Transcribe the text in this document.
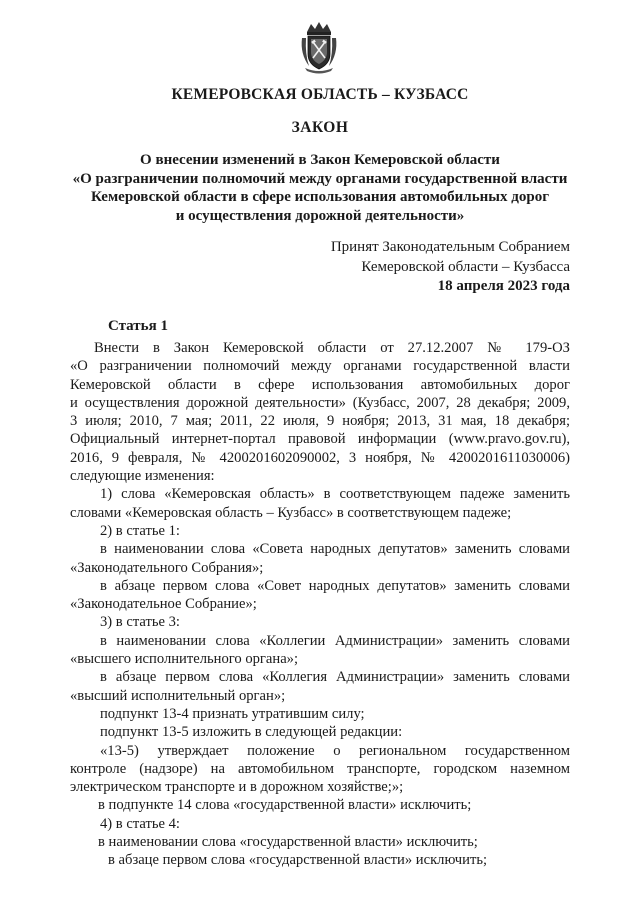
КЕМЕРОВСКАЯ ОБЛАСТЬ – КУЗБАСС
ЗАКОН
О внесении изменений в Закон Кемеровской области
«О разграничении полномочий между органами государственной власти
Кемеровской области в сфере использования автомобильных дорог
и осуществления дорожной деятельности»
Принят Законодательным Собранием
Кемеровской области – Кузбасса
18 апреля 2023 года
Статья 1

Внести в Закон Кемеровской области от 27.12.2007 № 179-ОЗ

«О разграничении полномочий между органами государственной власти

Кемеровской области в сфере использования автомобильных дорог

и осуществления дорожной деятельности» (Кузбасс, 2007, 28 декабря; 2009,

3 июля; 2010, 7 мая; 2011, 22 июля, 9 ноября; 2013, 31 мая, 18 декабря;

Официальный интернет-портал правовой информации (www.pravo.gov.ru),

2016, 9 февраля, № 4200201602090002, 3 ноября, № 4200201611030006)

следующие изменения:

1) слова «Кемеровская область» в соответствующем падеже заменить

словами «Кемеровская область – Кузбасс» в соответствующем падеже;

2) в статье 1:

в наименовании слова «Совета народных депутатов» заменить словами

«Законодательного Собрания»;

в абзаце первом слова «Совет народных депутатов» заменить словами

«Законодательное Собрание»;

3) в статье 3:

в наименовании слова «Коллегии Администрации» заменить словами

«высшего исполнительного органа»;

в абзаце первом слова «Коллегия Администрации» заменить словами

«высший исполнительный орган»;

подпункт 13-4 признать утратившим силу;

подпункт 13-5 изложить в следующей редакции:

«13-5) утверждает положение о региональном государственном

контроле (надзоре) на автомобильном транспорте, городском наземном

электрическом транспорте и в дорожном хозяйстве;»;

в подпункте 14 слова «государственной власти» исключить;

4) в статье 4:

в наименовании слова «государственной власти» исключить;

в абзаце первом слова «государственной власти» исключить;
